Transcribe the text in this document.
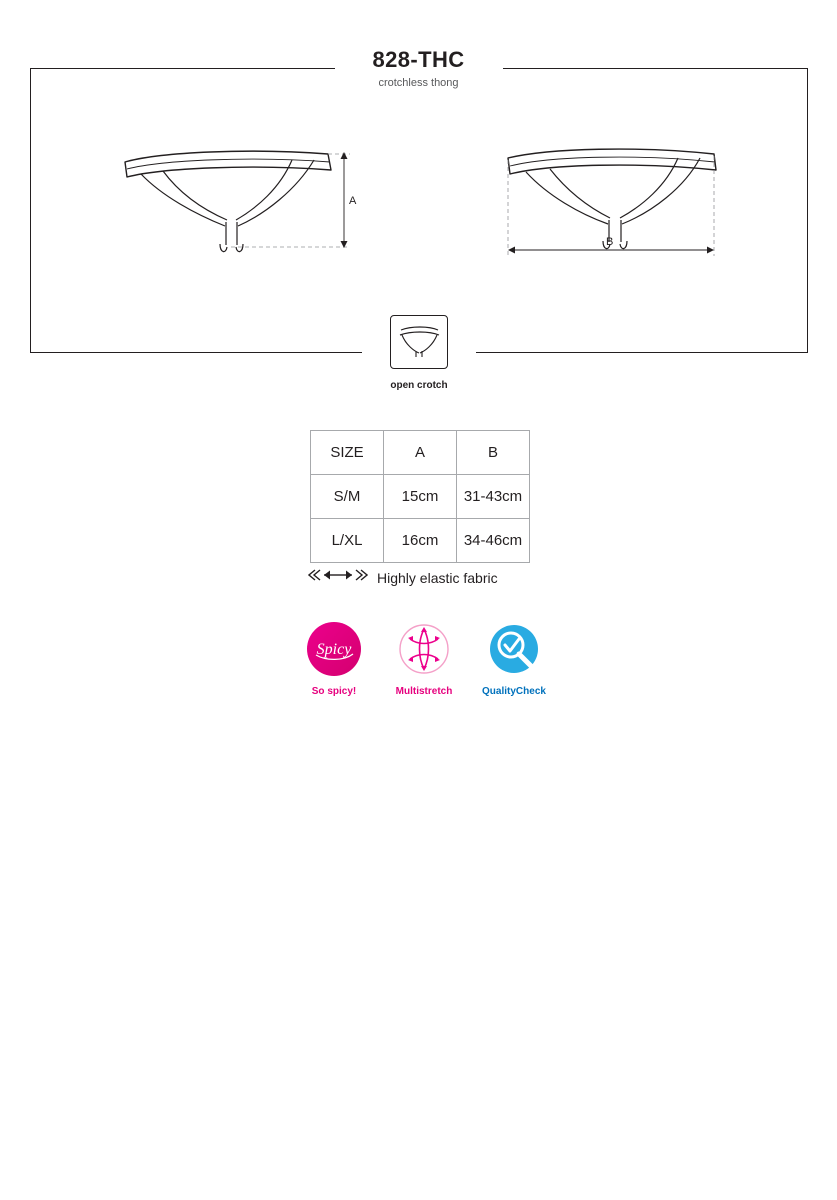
828-THC
crotchless thong
A
B
open crotch
SIZE	A	B
S/M	15cm	31-43cm
L/XL	16cm	34-46cm
Highly elastic fabric
Spicy
So spicy!	Multistretch	QualityCheck
